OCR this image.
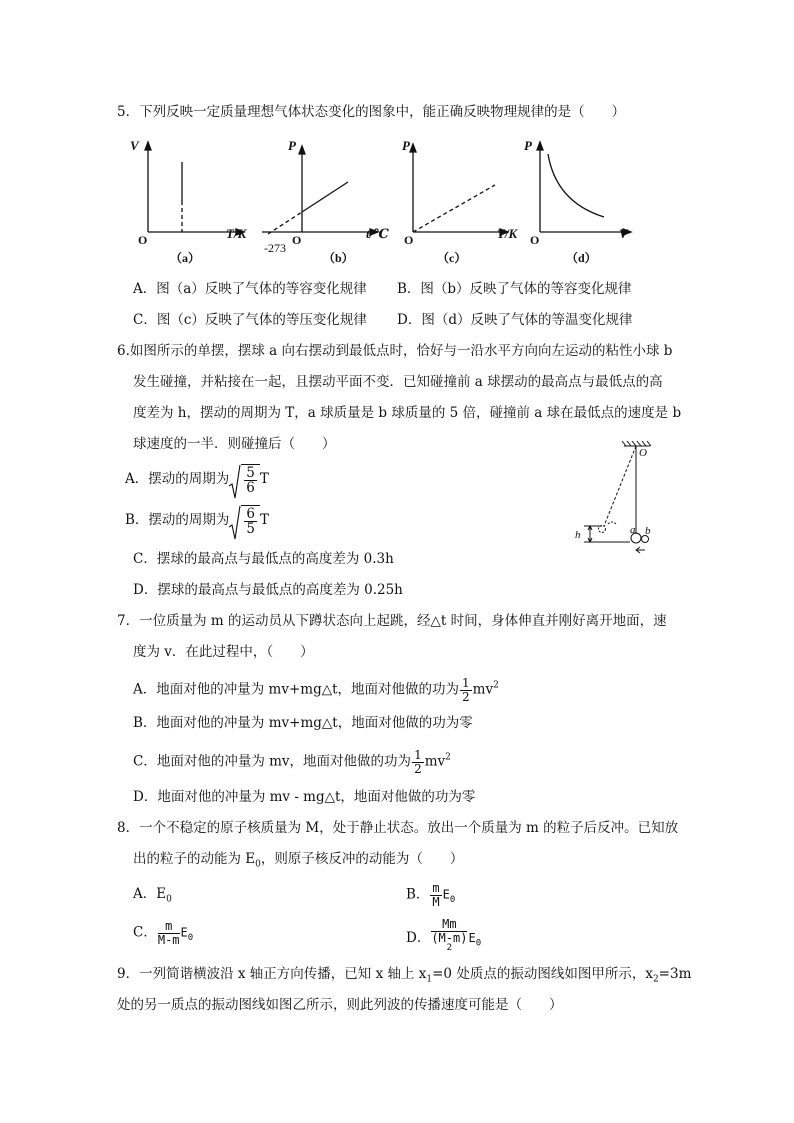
5．下列反映一定质量理想气体状态变化的图象中，能正确反映物理规律的是（　　）
V
T/K
P
t/℃
P
T/K
P
V
O	O	O	O
-273
（a）	（b）	（c）	（d）
A．图（a）反映了气体的等容变化规律 B．图（b）反映了气体的等容变化规律
C．图（c）反映了气体的等压变化规律 D．图（d）反映了气体的等温变化规律
6.如图所示的单摆，摆球 a 向右摆动到最低点时，恰好与一沿水平方向向左运动的粘性小球 b
发生碰撞，并粘接在一起，且摆动平面不变．已知碰撞前 a 球摆动的最高点与最低点的高
度差为 h，摆动的周期为 T，a 球质量是 b 球质量的 5 倍，碰撞前 a 球在最低点的速度是 b
球速度的一半．则碰撞后（　　）
A．摆动的周期为 $\frac{5}{6}$ T
B．摆动的周期为 $\frac{6}{5}$ T
C．摆球的最高点与最低点的高度差为 0.3h
D．摆球的最高点与最低点的高度差为 0.25h
O
a b
h
7．一位质量为 m 的运动员从下蹲状态向上起跳，经△t 时间，身体伸直并刚好离开地面，速
度为 v．在此过程中，（　　）
A．地面对他的冲量为 mv+mg△t，地面对他做的功为 $\frac{1}{2} mv^2$
B．地面对他的冲量为 mv+mg△t，地面对他做的功为零
C．地面对他的冲量为 mv，地面对他做的功为 $\frac{1}{2} mv^2$
D．地面对他的冲量为 mv - mg△t，地面对他做的功为零
8．一个不稳定的原子核质量为 M，处于静止状态。放出一个质量为 m 的粒子后反冲。已知放
出的粒子的动能为 $E_0$，则原子核反冲的动能为（　　）
A．$E_0$	B． $\frac{m}{M} E_0$
C． $\frac{m}{M-m} E_0$	D． Mm
(M-m)
$^2$ $E_0$
9．一列简谐横波沿 x 轴正方向传播，已知 x 轴上 $x_1=0$ 处质点的振动图线如图甲所示，$x_2=3m$
处的另一质点的振动图线如图乙所示，则此列波的传播速度可能是（　　）
